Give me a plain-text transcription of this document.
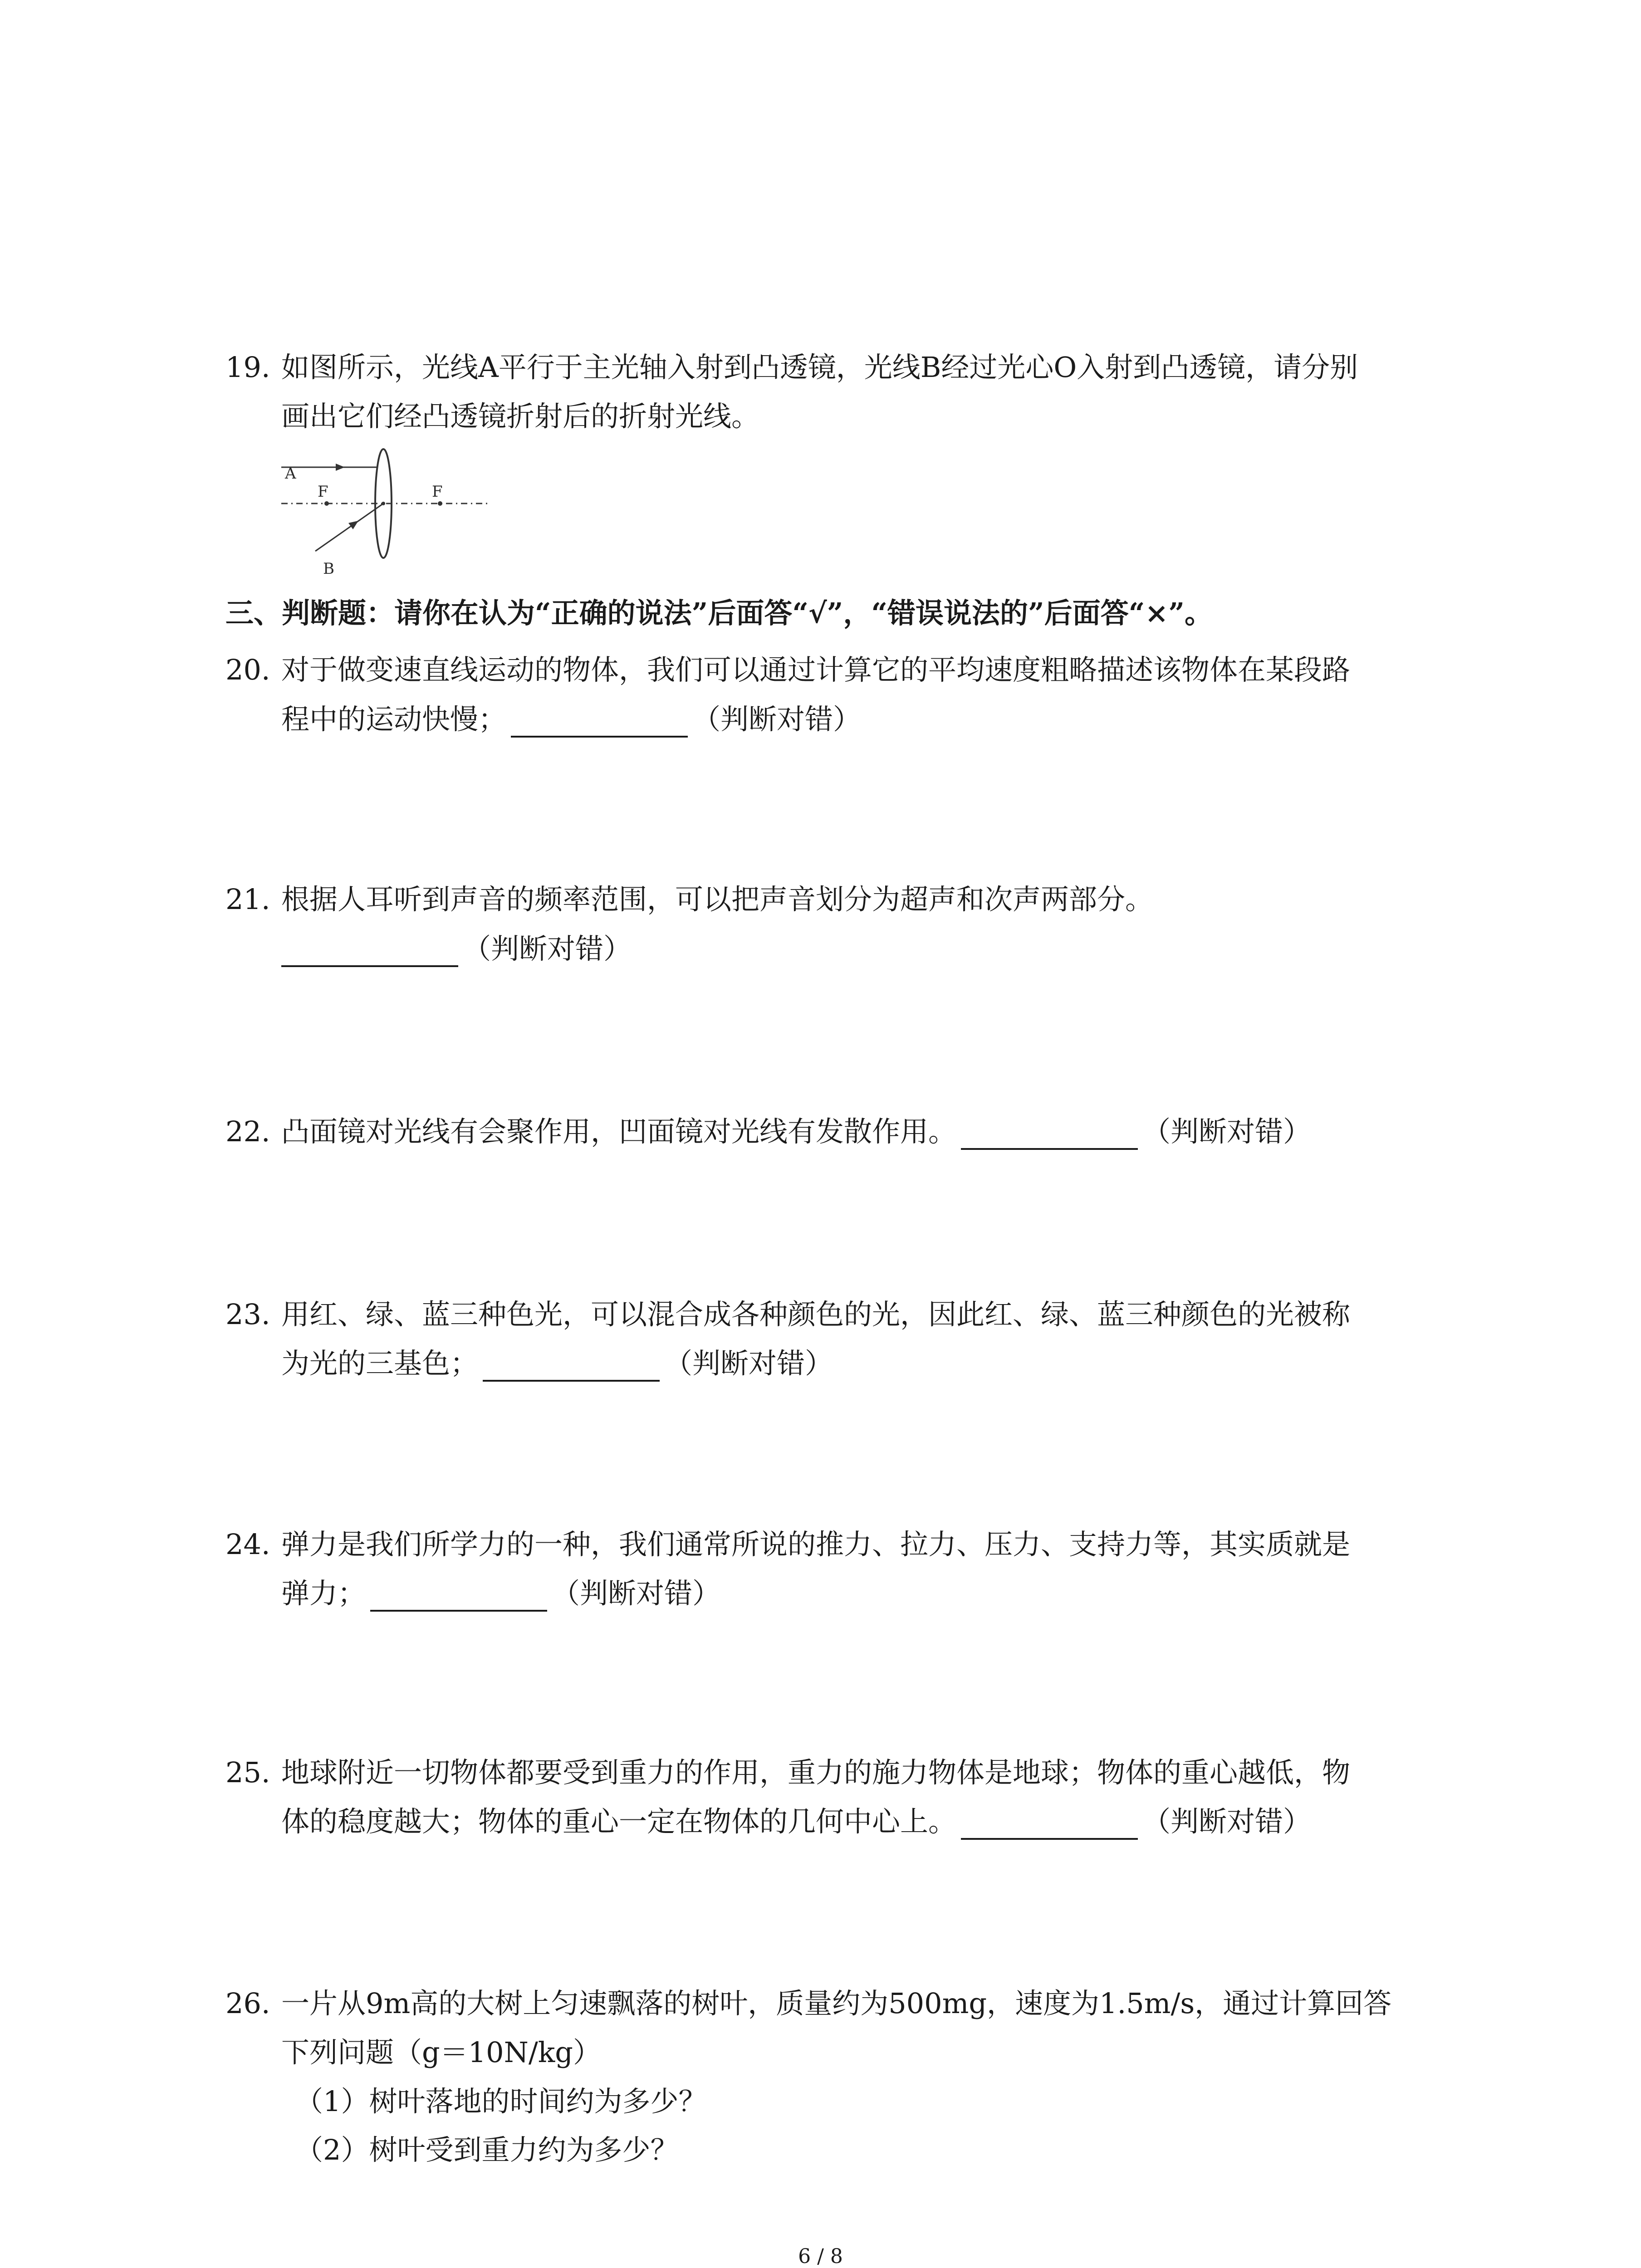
19. 如图所示，光线A平行于主光轴入射到凸透镜，光线B经过光心O入射到凸透镜，请分别
画出它们经凸透镜折射后的折射光线。
A
F	F
B
三、判断题：请你在认为“正确的说法”后面答“√”，“错误说法的”后面答“×”。
20. 对于做变速直线运动的物体，我们可以通过计算它的平均速度粗略描述该物体在某段路
程中的运动快慢；	（判断对错）
21. 根据人耳听到声音的频率范围，可以把声音划分为超声和次声两部分。
（判断对错）
22. 凸面镜对光线有会聚作用，凹面镜对光线有发散作用。	（判断对错）
23. 用红、绿、蓝三种色光，可以混合成各种颜色的光，因此红、绿、蓝三种颜色的光被称
为光的三基色；	（判断对错）
24. 弹力是我们所学力的一种，我们通常所说的推力、拉力、压力、支持力等，其实质就是
弹力；	（判断对错）
25. 地球附近一切物体都要受到重力的作用，重力的施力物体是地球；物体的重心越低，物
体的稳度越大；物体的重心一定在物体的几何中心上。	（判断对错）
26. 一片从9m高的大树上匀速飘落的树叶，质量约为500mg，速度为1.5m/s，通过计算回答
下列问题（g＝10N/kg）
（1）树叶落地的时间约为多少？
（2）树叶受到重力约为多少？
6 / 8
